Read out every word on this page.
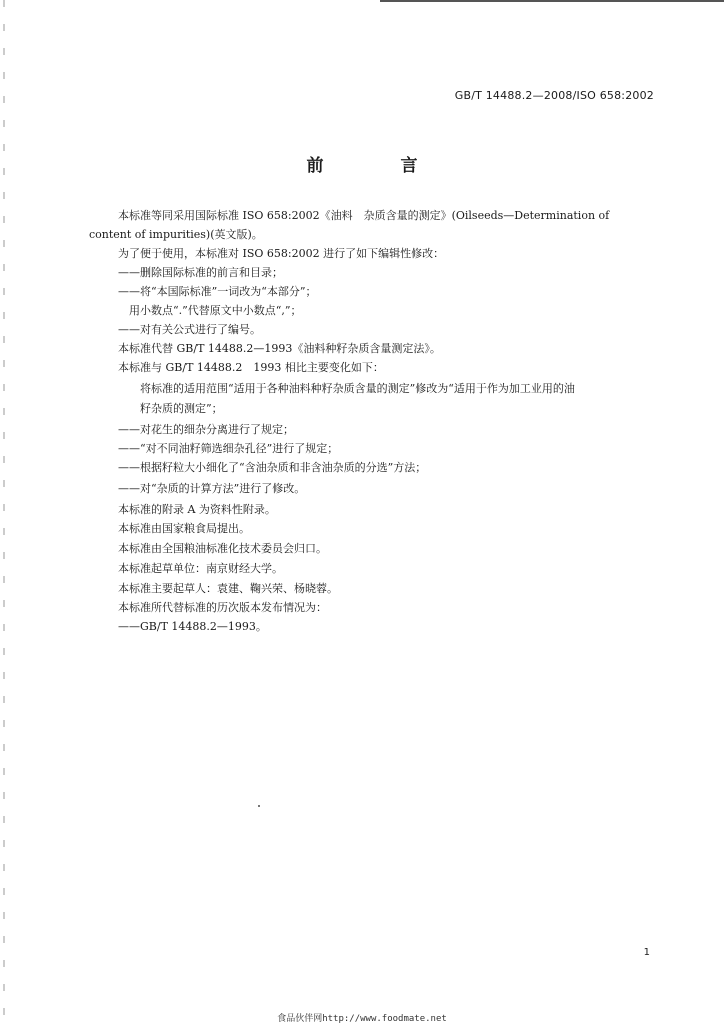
GB/T 14488.2—2008/ISO 658:2002
前　言
本标准等同采用国际标准 ISO 658:2002《油料　杂质含量的测定》(Oilseeds—Determination of
content of impurities)(英文版)。
为了便于使用，本标准对 ISO 658:2002 进行了如下编辑性修改：
——删除国际标准的前言和目录；
——将“本国际标准”一词改为“本部分”；
　用小数点“.”代替原文中小数点“,”；
——对有关公式进行了编号。
本标准代替 GB/T 14488.2—1993《油料种籽杂质含量测定法》。
本标准与 GB/T 14488.2　1993 相比主要变化如下：
将标准的适用范围“适用于各种油料种籽杂质含量的测定”修改为“适用于作为加工业用的油
籽杂质的测定”；
——对花生的细杂分离进行了规定；
——“对不同油籽筛选细杂孔径”进行了规定；
——根据籽粒大小细化了“含油杂质和非含油杂质的分选”方法；
——对“杂质的计算方法”进行了修改。
本标准的附录 A 为资料性附录。
本标准由国家粮食局提出。
本标准由全国粮油标准化技术委员会归口。
本标准起草单位：南京财经大学。
本标准主要起草人：袁建、鞠兴荣、杨晓蓉。
本标准所代替标准的历次版本发布情况为：
——GB/T 14488.2—1993。
1
食品伙伴网http://www.foodmate.net
